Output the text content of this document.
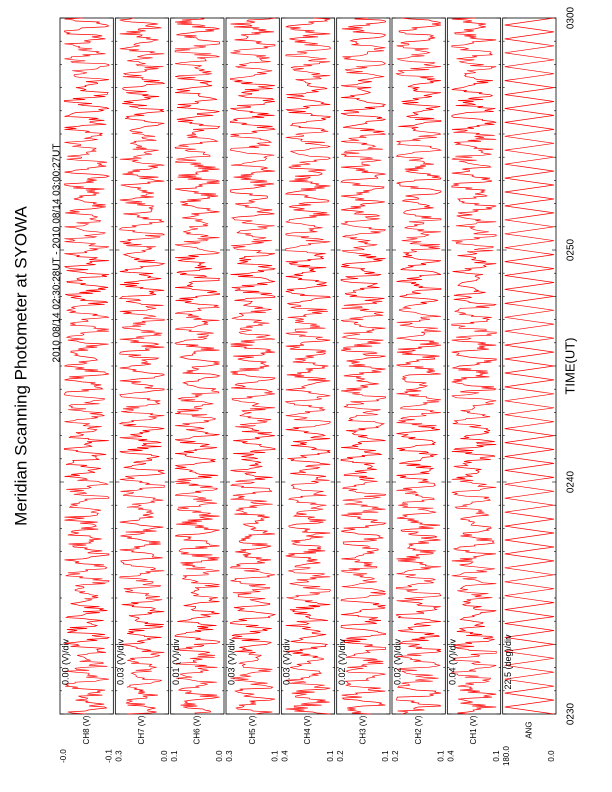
Meridian Scanning Photometer at SYOWA 2010 08/14 02:30:28UT - 2010 08/14 03:00:27UT
TIME(UT)
0230
0240
0250
0300
22.5 (deg)/div
180.0	0.0
ANG
0.04 (V)/div
0.4	0.1
CH1 (V)
0.02 (V)/div
0.2	0.1
CH2 (V)
0.02 (V)/div
0.2	0.1
CH3 (V)
0.03 (V)/div
0.4	0.1
CH4 (V)
0.03 (V)/div
0.3	0.1
CH5 (V)
0.01 (V)/div
0.1	0.0
CH6 (V)
0.03 (V)/div
0.3	0.0
CH7 (V)
0.00 (V)/div
-0.0	-0.1
CH8 (V)
